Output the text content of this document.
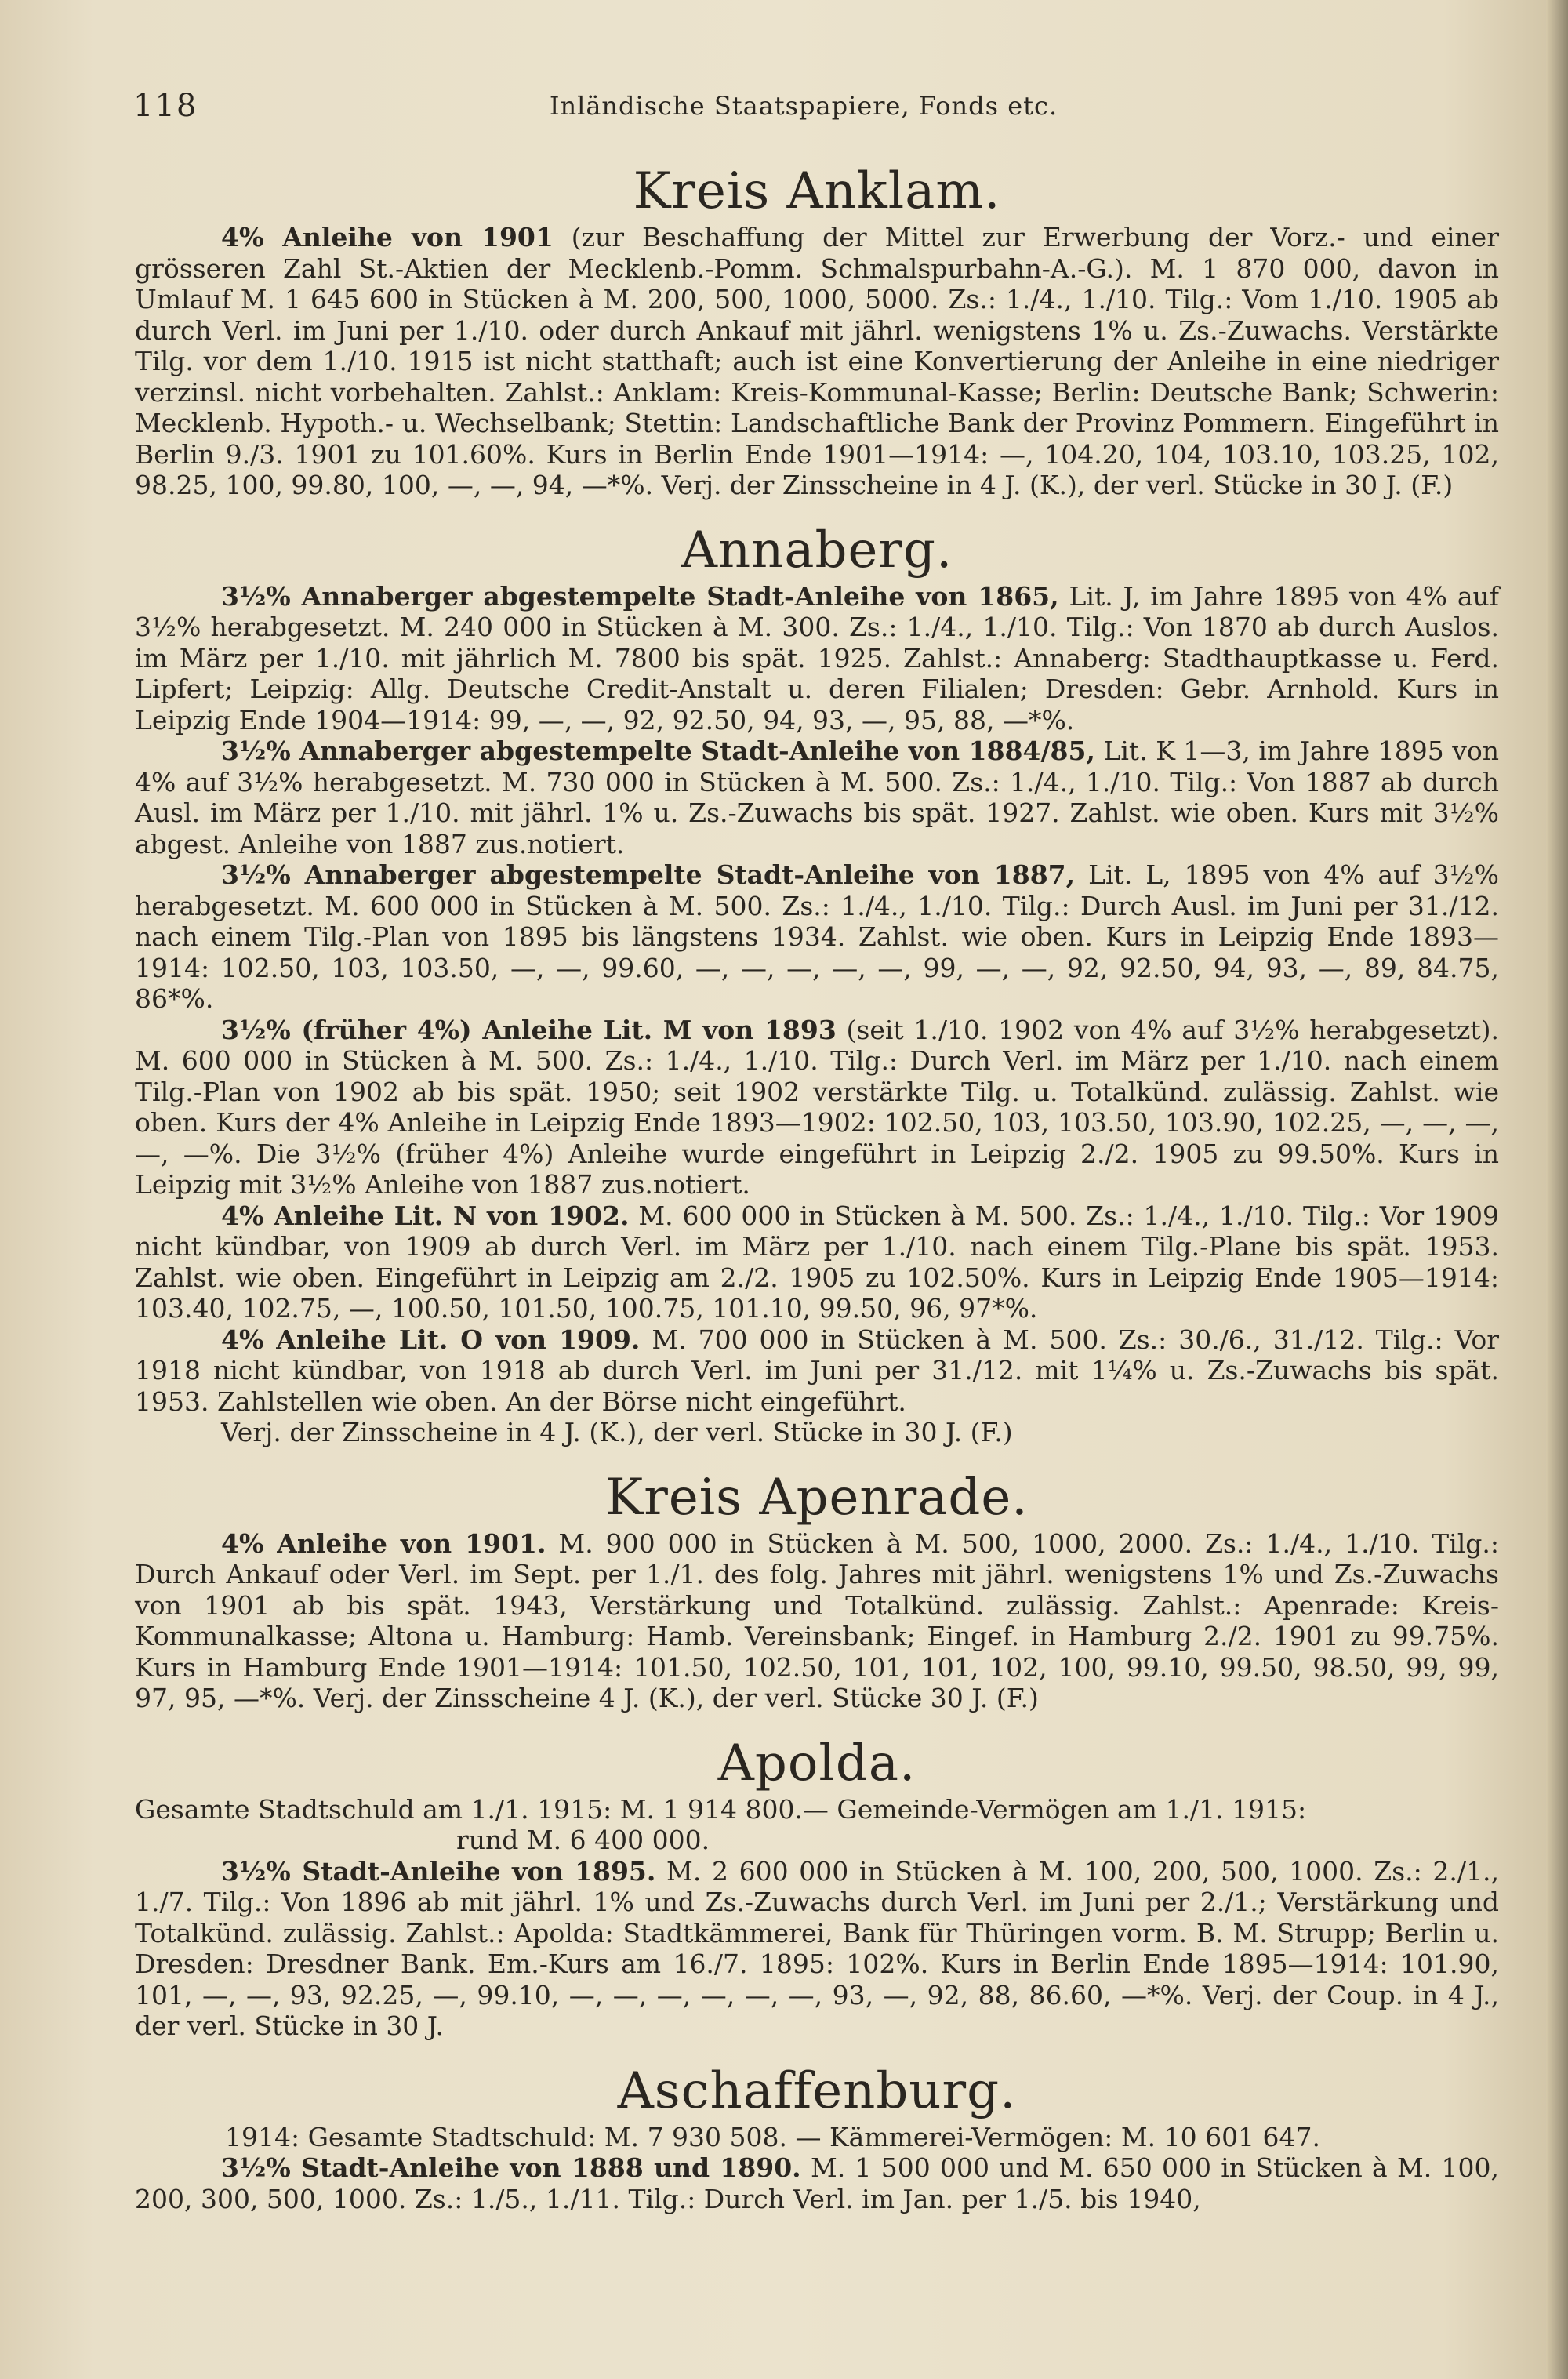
118	Inländische Staatspapiere, Fonds etc.
Kreis Anklam.

4% Anleihe von 1901 (zur Beschaffung der Mittel zur Erwerbung der Vorz.- und einer grösseren Zahl St.-Aktien der Mecklenb.-Pomm. Schmalspurbahn-A.-G.). M. 1 870 000, davon in Umlauf M. 1 645 600 in Stücken à M. 200, 500, 1000, 5000. Zs.: 1./4., 1./10. Tilg.: Vom 1./10. 1905 ab durch Verl. im Juni per 1./10. oder durch Ankauf mit jährl. wenigstens 1% u. Zs.-Zuwachs. Verstärkte Tilg. vor dem 1./10. 1915 ist nicht statthaft; auch ist eine Konvertierung der Anleihe in eine niedriger verzinsl. nicht vorbehalten. Zahlst.: Anklam: Kreis-Kommunal-Kasse; Berlin: Deutsche Bank; Schwerin: Mecklenb. Hypoth.- u. Wechselbank; Stettin: Landschaftliche Bank der Provinz Pommern. Eingeführt in Berlin 9./3. 1901 zu 101.60%. Kurs in Berlin Ende 1901—1914: —, 104.20, 104, 103.10, 103.25, 102, 98.25, 100, 99.80, 100, —, —, 94, —*%. Verj. der Zinsscheine in 4 J. (K.), der verl. Stücke in 30 J. (F.)

Annaberg.

3½% Annaberger abgestempelte Stadt-Anleihe von 1865, Lit. J, im Jahre 1895 von 4% auf 3½% herabgesetzt. M. 240 000 in Stücken à M. 300. Zs.: 1./4., 1./10. Tilg.: Von 1870 ab durch Auslos. im März per 1./10. mit jährlich M. 7800 bis spät. 1925. Zahlst.: Annaberg: Stadthauptkasse u. Ferd. Lipfert; Leipzig: Allg. Deutsche Credit-Anstalt u. deren Filialen; Dresden: Gebr. Arnhold. Kurs in Leipzig Ende 1904—1914: 99, —, —, 92, 92.50, 94, 93, —, 95, 88, —*%.

3½% Annaberger abgestempelte Stadt-Anleihe von 1884/85, Lit. K 1—3, im Jahre 1895 von 4% auf 3½% herabgesetzt. M. 730 000 in Stücken à M. 500. Zs.: 1./4., 1./10. Tilg.: Von 1887 ab durch Ausl. im März per 1./10. mit jährl. 1% u. Zs.-Zuwachs bis spät. 1927. Zahlst. wie oben. Kurs mit 3½% abgest. Anleihe von 1887 zus.notiert.

3½% Annaberger abgestempelte Stadt-Anleihe von 1887, Lit. L, 1895 von 4% auf 3½% herabgesetzt. M. 600 000 in Stücken à M. 500. Zs.: 1./4., 1./10. Tilg.: Durch Ausl. im Juni per 31./12. nach einem Tilg.-Plan von 1895 bis längstens 1934. Zahlst. wie oben. Kurs in Leipzig Ende 1893—1914: 102.50, 103, 103.50, —, —, 99.60, —, —, —, —, —, 99, —, —, 92, 92.50, 94, 93, —, 89, 84.75, 86*%.

3½% (früher 4%) Anleihe Lit. M von 1893 (seit 1./10. 1902 von 4% auf 3½% herabgesetzt). M. 600 000 in Stücken à M. 500. Zs.: 1./4., 1./10. Tilg.: Durch Verl. im März per 1./10. nach einem Tilg.-Plan von 1902 ab bis spät. 1950; seit 1902 verstärkte Tilg. u. Totalkünd. zulässig. Zahlst. wie oben. Kurs der 4% Anleihe in Leipzig Ende 1893—1902: 102.50, 103, 103.50, 103.90, 102.25, —, —, —, —, —%. Die 3½% (früher 4%) Anleihe wurde eingeführt in Leipzig 2./2. 1905 zu 99.50%. Kurs in Leipzig mit 3½% Anleihe von 1887 zus.notiert.

4% Anleihe Lit. N von 1902. M. 600 000 in Stücken à M. 500. Zs.: 1./4., 1./10. Tilg.: Vor 1909 nicht kündbar, von 1909 ab durch Verl. im März per 1./10. nach einem Tilg.-Plane bis spät. 1953. Zahlst. wie oben. Eingeführt in Leipzig am 2./2. 1905 zu 102.50%. Kurs in Leipzig Ende 1905—1914: 103.40, 102.75, —, 100.50, 101.50, 100.75, 101.10, 99.50, 96, 97*%.

4% Anleihe Lit. O von 1909. M. 700 000 in Stücken à M. 500. Zs.: 30./6., 31./12. Tilg.: Vor 1918 nicht kündbar, von 1918 ab durch Verl. im Juni per 31./12. mit 1¼% u. Zs.-Zuwachs bis spät. 1953. Zahlstellen wie oben. An der Börse nicht eingeführt.

Verj. der Zinsscheine in 4 J. (K.), der verl. Stücke in 30 J. (F.)

Kreis Apenrade.

4% Anleihe von 1901. M. 900 000 in Stücken à M. 500, 1000, 2000. Zs.: 1./4., 1./10. Tilg.: Durch Ankauf oder Verl. im Sept. per 1./1. des folg. Jahres mit jährl. wenigstens 1% und Zs.-Zuwachs von 1901 ab bis spät. 1943, Verstärkung und Totalkünd. zulässig. Zahlst.: Apenrade: Kreis-Kommunalkasse; Altona u. Hamburg: Hamb. Vereinsbank; Eingef. in Hamburg 2./2. 1901 zu 99.75%. Kurs in Hamburg Ende 1901—1914: 101.50, 102.50, 101, 101, 102, 100, 99.10, 99.50, 98.50, 99, 99, 97, 95, —*%. Verj. der Zinsscheine 4 J. (K.), der verl. Stücke 30 J. (F.)

Apolda.

Gesamte Stadtschuld am 1./1. 1915: M. 1 914 800.— Gemeinde-Vermögen am 1./1. 1915:

rund M. 6 400 000.

3½% Stadt-Anleihe von 1895. M. 2 600 000 in Stücken à M. 100, 200, 500, 1000. Zs.: 2./1., 1./7. Tilg.: Von 1896 ab mit jährl. 1% und Zs.-Zuwachs durch Verl. im Juni per 2./1.; Verstärkung und Totalkünd. zulässig. Zahlst.: Apolda: Stadtkämmerei, Bank für Thüringen vorm. B. M. Strupp; Berlin u. Dresden: Dresdner Bank. Em.-Kurs am 16./7. 1895: 102%. Kurs in Berlin Ende 1895—1914: 101.90, 101, —, —, 93, 92.25, —, 99.10, —, —, —, —, —, —, 93, —, 92, 88, 86.60, —*%. Verj. der Coup. in 4 J., der verl. Stücke in 30 J.

Aschaffenburg.

1914: Gesamte Stadtschuld: M. 7 930 508. — Kämmerei-Vermögen: M. 10 601 647.

3½% Stadt-Anleihe von 1888 und 1890. M. 1 500 000 und M. 650 000 in Stücken à M. 100, 200, 300, 500, 1000. Zs.: 1./5., 1./11. Tilg.: Durch Verl. im Jan. per 1./5. bis 1940,
